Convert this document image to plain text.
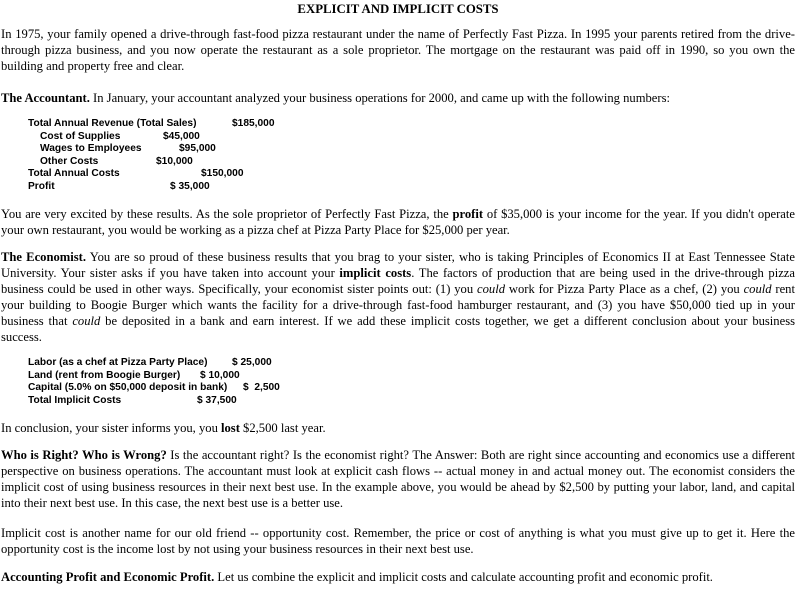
EXPLICIT AND IMPLICIT COSTS

In 1975, your family opened a drive-through fast-food pizza restaurant under the name of Perfectly Fast Pizza. In 1995 your parents retired from the drive-through pizza business, and you now operate the restaurant as a sole proprietor. The mortgage on the restaurant was paid off in 1990, so you own the building and property free and clear.

The Accountant. In January, your accountant analyzed your business operations for 2000, and came up with the following numbers:

Total Annual Revenue (Total Sales)	$185,000
Cost of Supplies	$45,000
Wages to Employees	$95,000
Other Costs	$10,000
Total Annual Costs	$150,000
Profit	$ 35,000

You are very excited by these results. As the sole proprietor of Perfectly Fast Pizza, the profit of $35,000 is your income for the year. If you didn't operate your own restaurant, you would be working as a pizza chef at Pizza Party Place for $25,000 per year.

The Economist. You are so proud of these business results that you brag to your sister, who is taking Principles of Economics II at East Tennessee State University. Your sister asks if you have taken into account your implicit costs. The factors of production that are being used in the drive-through pizza business could be used in other ways. Specifically, your economist sister points out: (1) you could work for Pizza Party Place as a chef, (2) you could rent your building to Boogie Burger which wants the facility for a drive-through fast-food hamburger restaurant, and (3) you have $50,000 tied up in your business that could be deposited in a bank and earn interest. If we add these implicit costs together, we get a different conclusion about your business success.

Labor (as a chef at Pizza Party Place) $ 25,000
Land (rent from Boogie Burger) $ 10,000
Capital (5.0% on $50,000 deposit in bank) $  2,500
Total Implicit Costs	$ 37,500

In conclusion, your sister informs you, you lost $2,500 last year.

Who is Right? Who is Wrong? Is the accountant right? Is the economist right? The Answer: Both are right since accounting and economics use a different perspective on business operations. The accountant must look at explicit cash flows -- actual money in and actual money out. The economist considers the implicit cost of using business resources in their next best use. In the example above, you would be ahead by $2,500 by putting your labor, land, and capital into their next best use. In this case, the next best use is a better use.

Implicit cost is another name for our old friend -- opportunity cost. Remember, the price or cost of anything is what you must give up to get it. Here the opportunity cost is the income lost by not using your business resources in their next best use.

Accounting Profit and Economic Profit. Let us combine the explicit and implicit costs and calculate accounting profit and economic profit.
